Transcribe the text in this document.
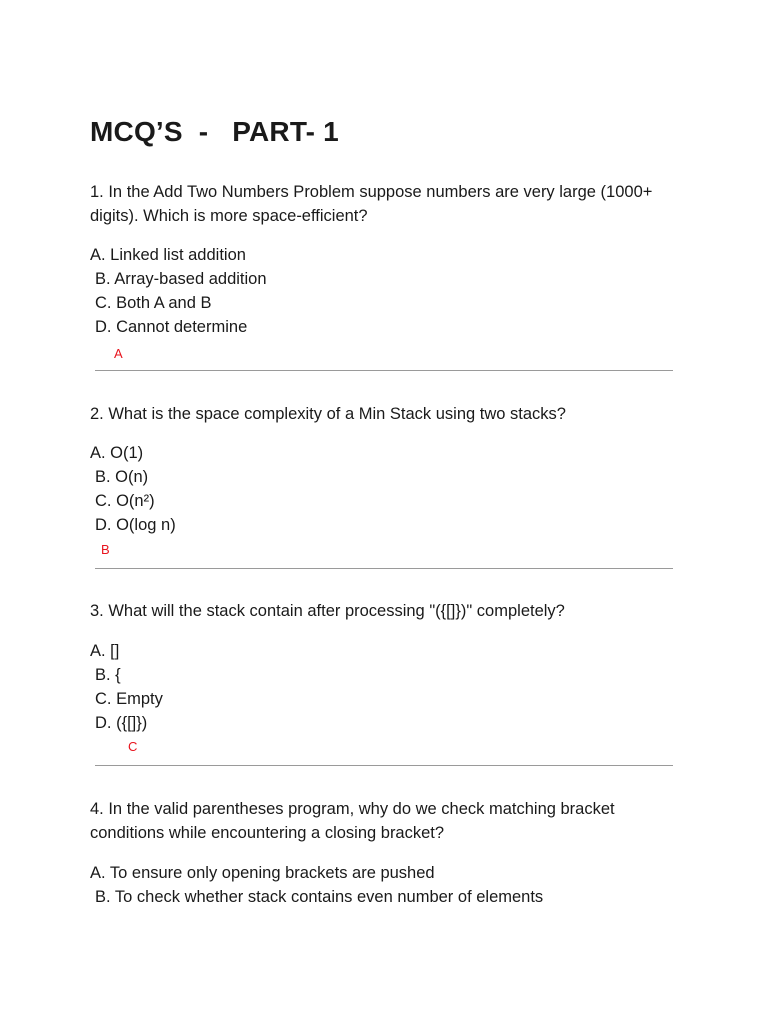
MCQ’S  -   PART- 1
1. In the Add Two Numbers Problem suppose numbers are very large (1000+ digits). Which is more space-efficient?
A. Linked list addition
B. Array-based addition
C. Both A and B
D. Cannot determine
A
2. What is the space complexity of a Min Stack using two stacks?
A. O(1)
B. O(n)
C. O(n²)
D. O(log n)
B
3. What will the stack contain after processing "({[]})" completely?
A. []
B. {
C. Empty
D. ({[]})
C
4. In the valid parentheses program, why do we check matching bracket conditions while encountering a closing bracket?
A. To ensure only opening brackets are pushed
B. To check whether stack contains even number of elements
